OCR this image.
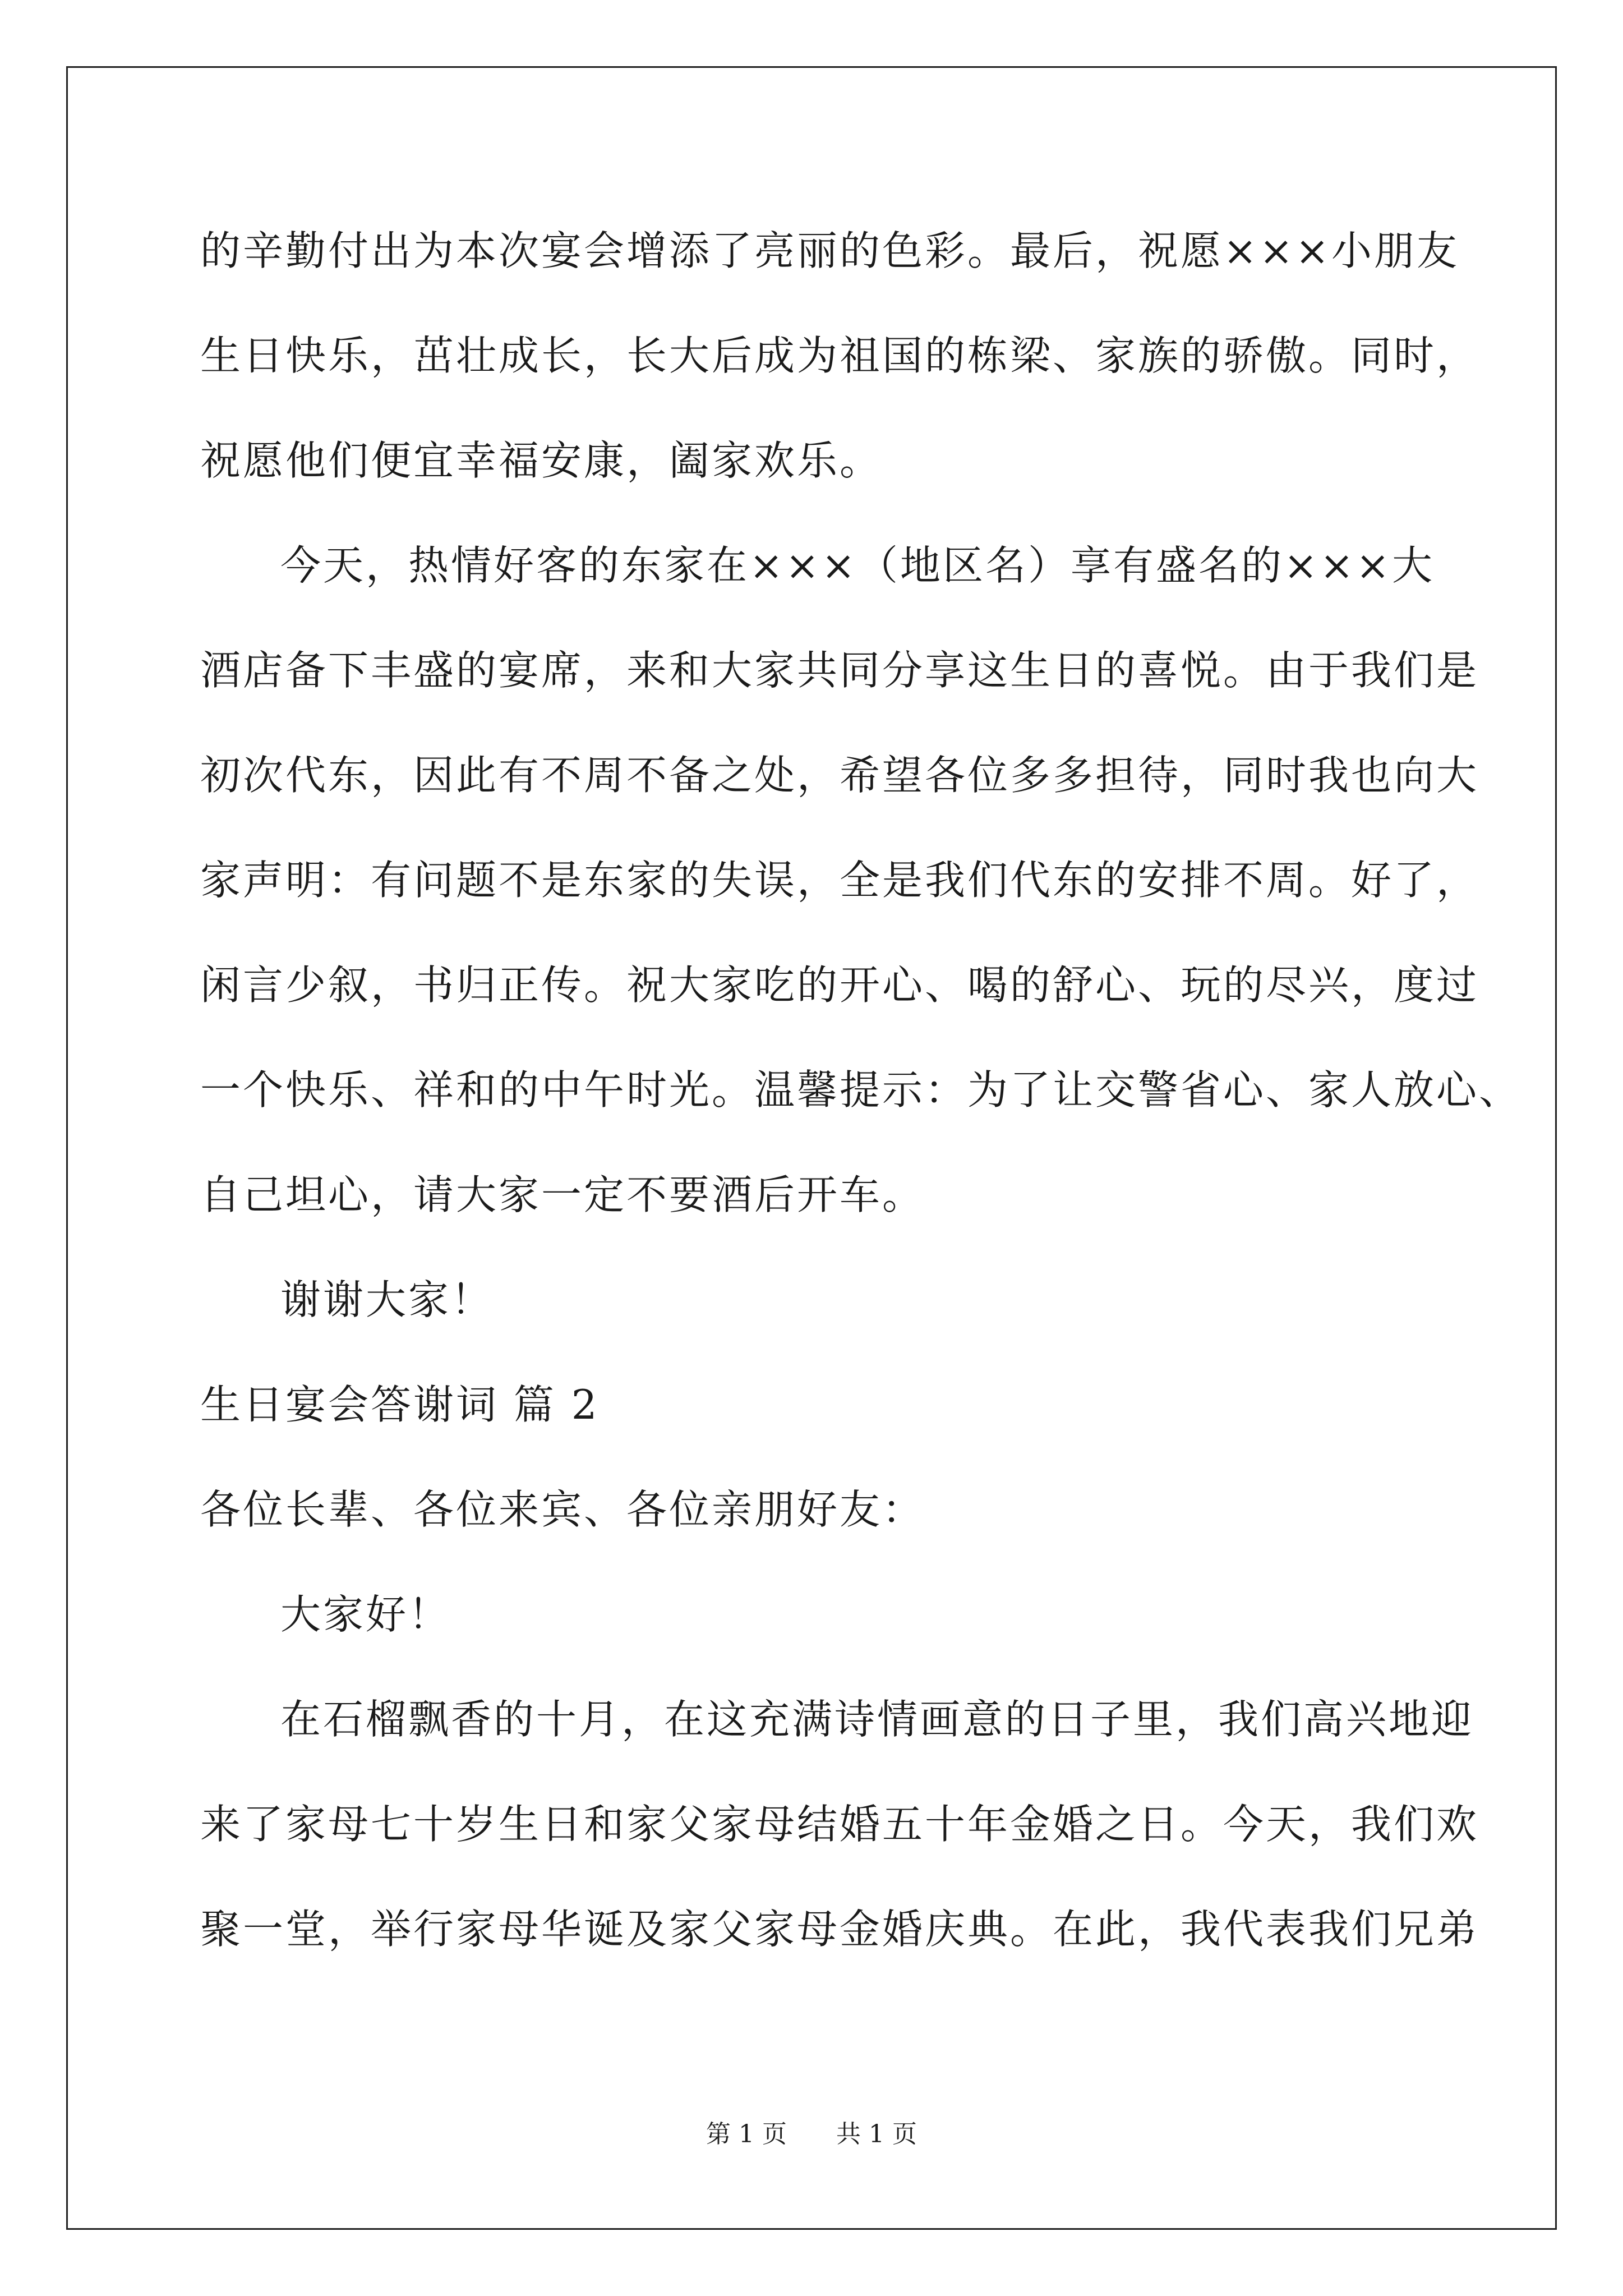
的辛勤付出为本次宴会增添了亮丽的色彩。最后，祝愿×××小朋友
生日快乐，茁壮成长，长大后成为祖国的栋梁、家族的骄傲。同时，
祝愿他们便宜幸福安康，阖家欢乐。
今天，热情好客的东家在×××（地区名）享有盛名的×××大
酒店备下丰盛的宴席，来和大家共同分享这生日的喜悦。由于我们是
初次代东，因此有不周不备之处，希望各位多多担待，同时我也向大
家声明：有问题不是东家的失误，全是我们代东的安排不周。好了，
闲言少叙，书归正传。祝大家吃的开心、喝的舒心、玩的尽兴，度过
一个快乐、祥和的中午时光。温馨提示：为了让交警省心、家人放心、
自己坦心，请大家一定不要酒后开车。
谢谢大家！
生日宴会答谢词 篇 2
各位长辈、各位来宾、各位亲朋好友：
大家好！
在石榴飘香的十月，在这充满诗情画意的日子里，我们高兴地迎
来了家母七十岁生日和家父家母结婚五十年金婚之日。今天，我们欢
聚一堂，举行家母华诞及家父家母金婚庆典。在此，我代表我们兄弟
第 1 页 共 1 页
